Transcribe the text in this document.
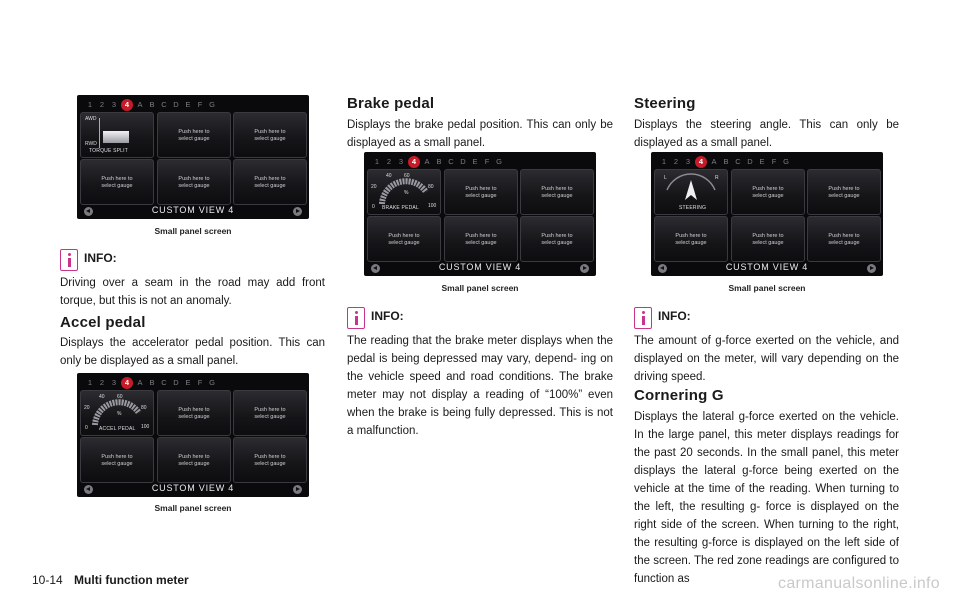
1	2	3	4	A B C D E F G
AWD
RWD
TORQUE SPLIT
Push here to
select gauge
Push here to
select gauge
Push here to
select gauge
Push here to
select gauge
Push here to
select gauge
CUSTOM VIEW 4
Small panel screen
INFO:

Driving over a seam in the road may add front torque, but this is not an anomaly.

Accel pedal

Displays the accelerator pedal position. This can only be displayed as a small panel.

1	2	3	4	A B C D E F G
0
20
40 60
80
100
%
ACCEL PEDAL
Push here to
select gauge
Push here to
select gauge
Push here to
select gauge
Push here to
select gauge
Push here to
select gauge
CUSTOM VIEW 4
Small panel screen
Brake pedal

Displays the brake pedal position. This can only be displayed as a small panel.

1	2	3	4	A B C D E F G
0
20
40 60
80
100
%
BRAKE PEDAL
Push here to
select gauge
Push here to
select gauge
Push here to
select gauge
Push here to
select gauge
Push here to
select gauge
CUSTOM VIEW 4
Small panel screen
INFO:

The reading that the brake meter displays when the pedal is being depressed may vary, depend- ing on the vehicle speed and road conditions. The brake meter may not display a reading of “100%” even when the brake is being fully depressed. This is not a malfunction.

Steering

Displays the steering angle. This can only be displayed as a small panel.

1	2	3	4	A B C D E F G
L	R
STEERING
Push here to
select gauge
Push here to
select gauge
Push here to
select gauge
Push here to
select gauge
Push here to
select gauge
CUSTOM VIEW 4
Small panel screen
INFO:

The amount of g-force exerted on the vehicle, and displayed on the meter, will vary depending on the driving speed.

Cornering G

Displays the lateral g-force exerted on the vehicle. In the large panel, this meter displays readings for the past 20 seconds. In the small panel, this meter displays the lateral g-force being exerted on the vehicle at the time of the reading. When turning to the left, the resulting g- force is displayed on the right side of the screen. When turning to the right, the resulting g-force is displayed on the left side of the screen. The red zone readings are configured to function as

10-14 Multi function meter	carmanualsonline.info
